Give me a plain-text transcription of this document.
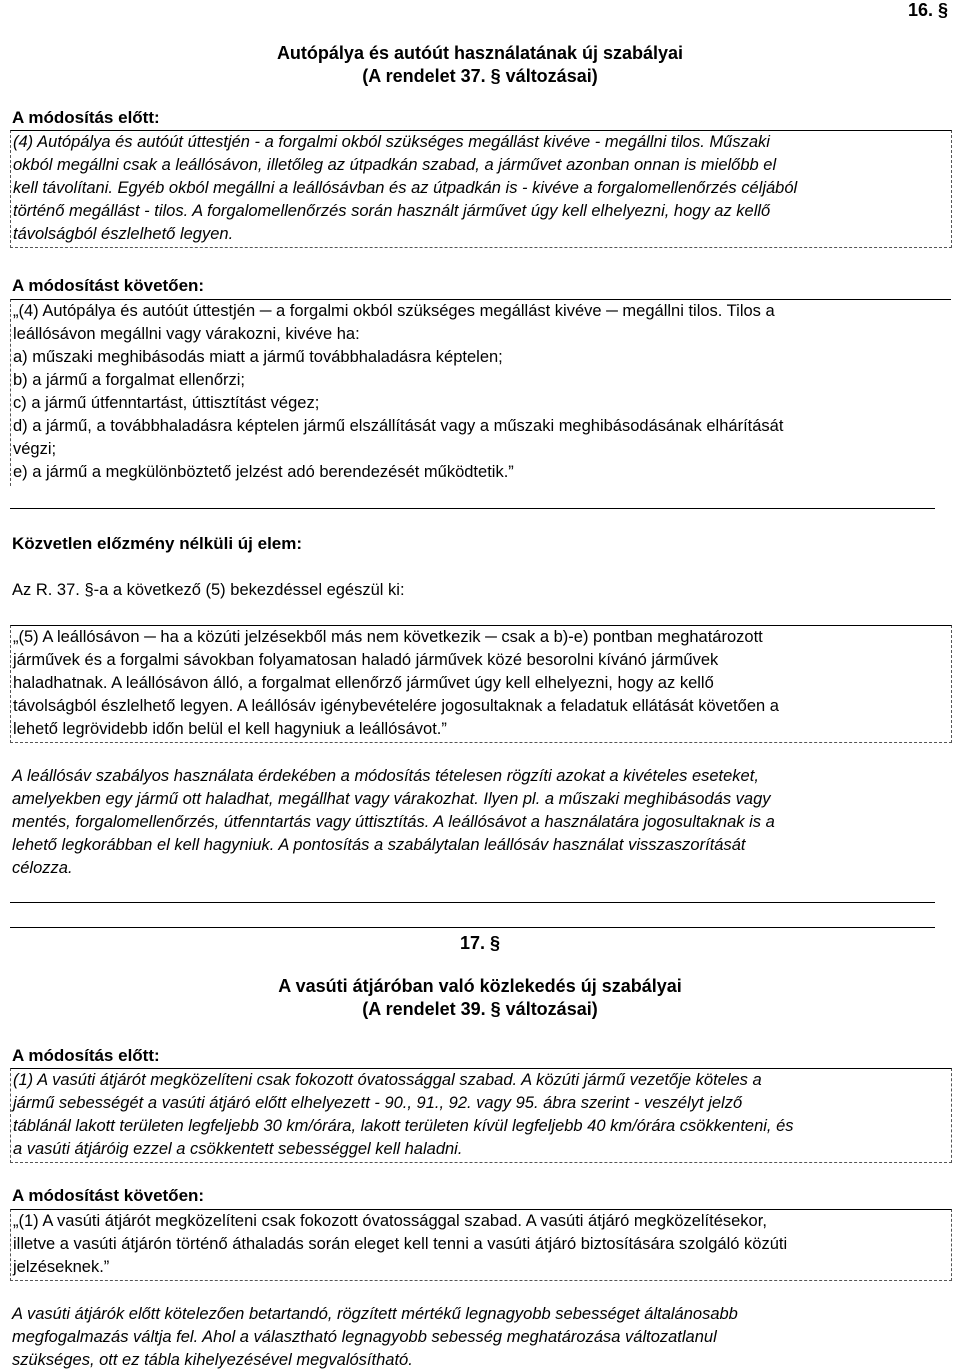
16. §
Autópálya és autóút használatának új szabályai
(A rendelet 37. § változásai)
A módosítás előtt:

(4) Autópálya és autóút úttestjén - a forgalmi okból szükséges megállást kivéve - megállni tilos. Műszaki

okból megállni csak a leállósávon, illetőleg az útpadkán szabad, a járművet azonban onnan is mielőbb el

kell távolítani. Egyéb okból megállni a leállósávban és az útpadkán is - kivéve a forgalomellenőrzés céljából

történő megállást - tilos. A forgalomellenőrzés során használt járművet úgy kell elhelyezni, hogy az kellő

távolságból észlelhető legyen.

A módosítást követően:

„(4) Autópálya és autóút úttestjén ─ a forgalmi okból szükséges megállást kivéve ─ megállni tilos. Tilos a

leállósávon megállni vagy várakozni, kivéve ha:

a) műszaki meghibásodás miatt a jármű továbbhaladásra képtelen;

b) a jármű a forgalmat ellenőrzi;

c) a jármű útfenntartást, úttisztítást végez;

d) a jármű, a továbbhaladásra képtelen jármű elszállítását vagy a műszaki meghibásodásának elhárítását

végzi;

e) a jármű a megkülönböztető jelzést adó berendezését működtetik.”

Közvetlen előzmény nélküli új elem:
Az R. 37. §-a a következő (5) bekezdéssel egészül ki:

„(5) A leállósávon ─ ha a közúti jelzésekből más nem következik ─ csak a b)-e) pontban meghatározott

járművek és a forgalmi sávokban folyamatosan haladó járművek közé besorolni kívánó járművek

haladhatnak. A leállósávon álló, a forgalmat ellenőrző járművet úgy kell elhelyezni, hogy az kellő

távolságból észlelhető legyen. A leállósáv igénybevételére jogosultaknak a feladatuk ellátását követően a

lehető legrövidebb időn belül el kell hagyniuk a leállósávot.”

A leállósáv szabályos használata érdekében a módosítás tételesen rögzíti azokat a kivételes eseteket,
amelyekben egy jármű ott haladhat, megállhat vagy várakozhat. Ilyen pl. a műszaki meghibásodás vagy
mentés, forgalomellenőrzés, útfenntartás vagy úttisztítás. A leállósávot a használatára jogosultaknak is a
lehető legkorábban el kell hagyniuk. A pontosítás a szabálytalan leállósáv használat visszaszorítását
célozza.
17. §
A vasúti átjáróban való közlekedés új szabályai
(A rendelet 39. § változásai)
A módosítás előtt:

(1) A vasúti átjárót megközelíteni csak fokozott óvatossággal szabad. A közúti jármű vezetője köteles a

jármű sebességét a vasúti átjáró előtt elhelyezett - 90., 91., 92. vagy 95. ábra szerint - veszélyt jelző

táblánál lakott területen legfeljebb 30 km/órára, lakott területen kívül legfeljebb 40 km/órára csökkenteni, és

a vasúti átjáróig ezzel a csökkentett sebességgel kell haladni.

A módosítást követően:

„(1) A vasúti átjárót megközelíteni csak fokozott óvatossággal szabad. A vasúti átjáró megközelítésekor,

illetve a vasúti átjárón történő áthaladás során eleget kell tenni a vasúti átjáró biztosítására szolgáló közúti

jelzéseknek.”

A vasúti átjárók előtt kötelezően betartandó, rögzített mértékű legnagyobb sebességet általánosabb
megfogalmazás váltja fel. Ahol a választható legnagyobb sebesség meghatározása változatlanul
szükséges, ott ez tábla kihelyezésével megvalósítható.
